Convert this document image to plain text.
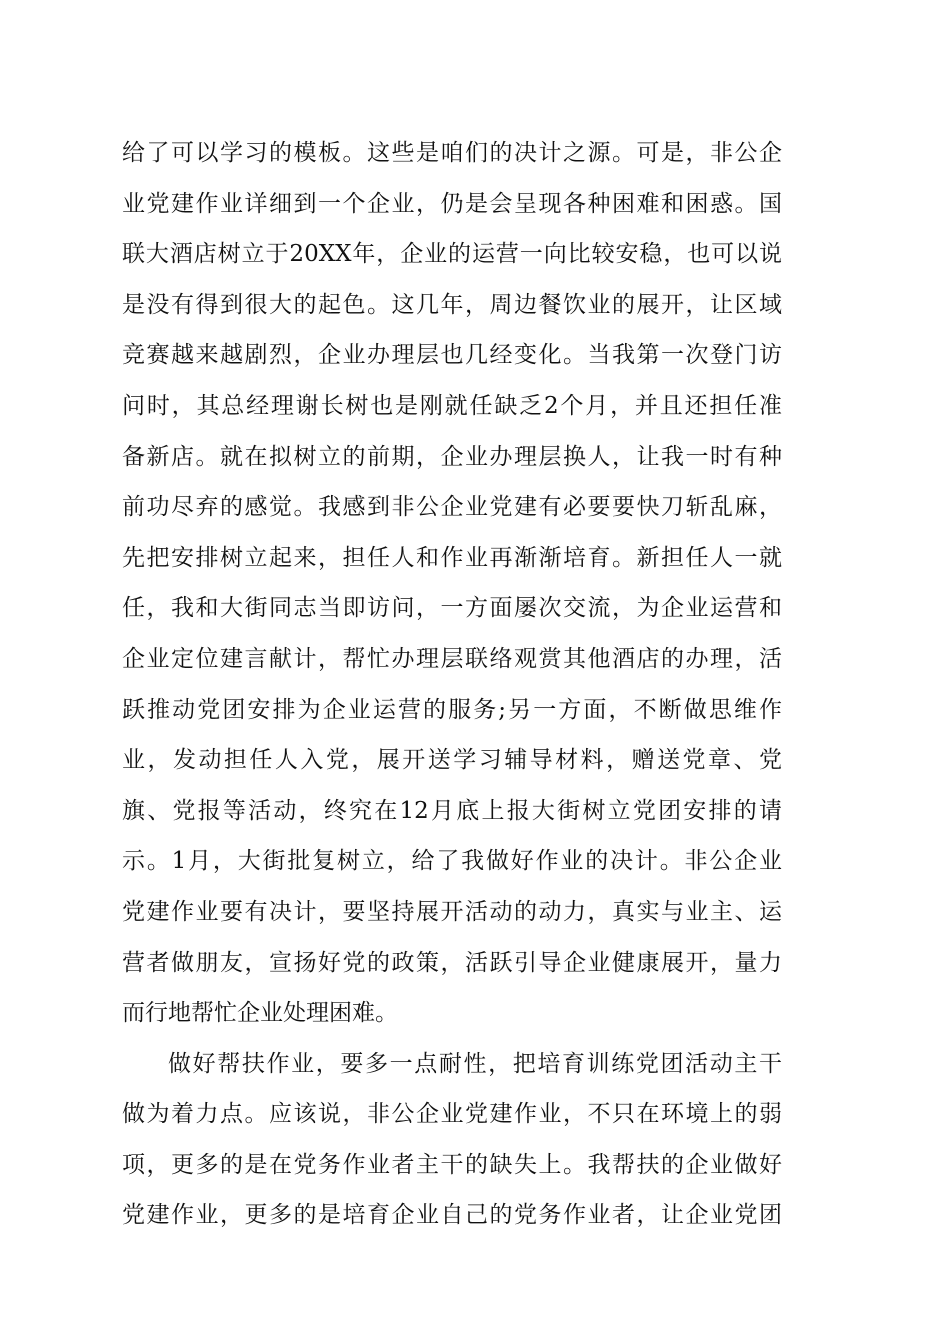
给了可以学习的模板。这些是咱们的决计之源。可是，非公企
业党建作业详细到一个企业，仍是会呈现各种困难和困惑。国
联大酒店树立于20XX年，企业的运营一向比较安稳，也可以说
是没有得到很大的起色。这几年，周边餐饮业的展开，让区域
竞赛越来越剧烈，企业办理层也几经变化。当我第一次登门访
问时，其总经理谢长树也是刚就任缺乏2个月，并且还担任准
备新店。就在拟树立的前期，企业办理层换人，让我一时有种
前功尽弃的感觉。我感到非公企业党建有必要要快刀斩乱麻，
先把安排树立起来，担任人和作业再渐渐培育。新担任人一就
任，我和大街同志当即访问，一方面屡次交流，为企业运营和
企业定位建言献计，帮忙办理层联络观赏其他酒店的办理，活
跃推动党团安排为企业运营的服务;另一方面，不断做思维作
业，发动担任人入党，展开送学习辅导材料，赠送党章、党
旗、党报等活动，终究在12月底上报大街树立党团安排的请
示。1月，大街批复树立，给了我做好作业的决计。非公企业
党建作业要有决计，要坚持展开活动的动力，真实与业主、运
营者做朋友，宣扬好党的政策，活跃引导企业健康展开，量力
而行地帮忙企业处理困难。
做好帮扶作业，要多一点耐性，把培育训练党团活动主干
做为着力点。应该说，非公企业党建作业，不只在环境上的弱
项，更多的是在党务作业者主干的缺失上。我帮扶的企业做好
党建作业，更多的是培育企业自己的党务作业者，让企业党团
